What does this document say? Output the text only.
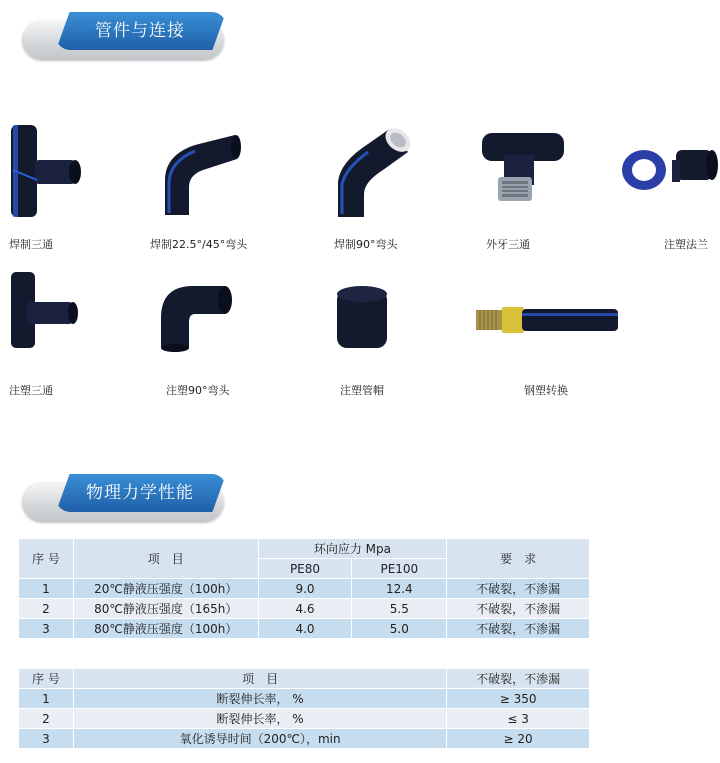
管件与连接
焊制三通	焊制22.5°/45°弯头	焊制90°弯头	外牙三通	注塑法兰
注塑三通	注塑90°弯头	注塑管帽	钢塑转换
物理力学性能
序 号	项　目	环向应力 Mpa		要　求
		PE80	PE100	
1	20℃静液压强度（100h）	9.0	12.4	不破裂，不渗漏
2	80℃静液压强度（165h）	4.6	5.5	不破裂，不渗漏
3	80℃静液压强度（100h）	4.0	5.0	不破裂，不渗漏
序 号	项　目	不破裂，不渗漏
1	断裂伸长率， %	≥ 350
2	断裂伸长率， %	≤ 3
3	氧化诱导时间（200℃），min	≥ 20
